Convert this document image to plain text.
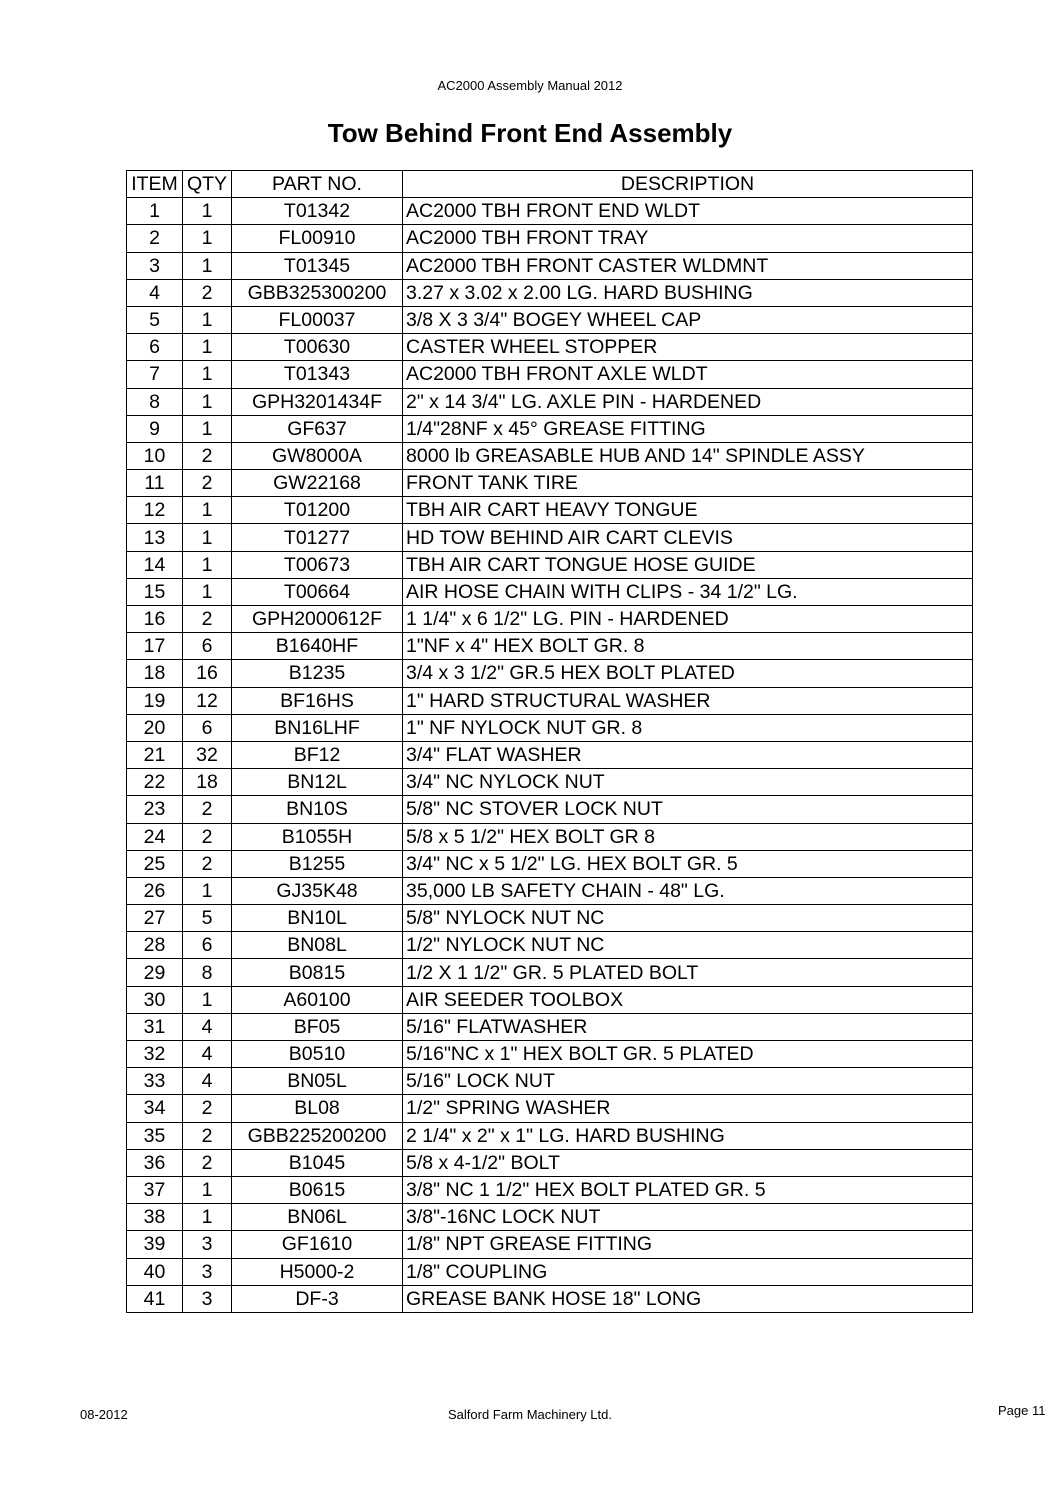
AC2000 Assembly Manual 2012
Tow Behind Front End Assembly
ITEM	QTY	PART NO.	DESCRIPTION
1	1	T01342	AC2000 TBH FRONT END WLDT
2	1	FL00910	AC2000 TBH FRONT TRAY
3	1	T01345	AC2000 TBH FRONT CASTER WLDMNT
4	2	GBB325300200	3.27 x 3.02 x 2.00 LG. HARD BUSHING
5	1	FL00037	3/8 X 3 3/4" BOGEY WHEEL CAP
6	1	T00630	CASTER WHEEL STOPPER
7	1	T01343	AC2000 TBH FRONT AXLE WLDT
8	1	GPH3201434F	2" x 14 3/4" LG. AXLE PIN - HARDENED
9	1	GF637	1/4"28NF x 45° GREASE FITTING
10	2	GW8000A	8000 lb GREASABLE HUB AND 14" SPINDLE ASSY
11	2	GW22168	FRONT TANK TIRE
12	1	T01200	TBH AIR CART HEAVY TONGUE
13	1	T01277	HD TOW BEHIND AIR CART CLEVIS
14	1	T00673	TBH AIR CART TONGUE HOSE GUIDE
15	1	T00664	AIR HOSE CHAIN WITH CLIPS - 34 1/2" LG.
16	2	GPH2000612F	1 1/4" x 6 1/2" LG. PIN - HARDENED
17	6	B1640HF	1"NF x 4" HEX BOLT GR. 8
18	16	B1235	3/4 x 3 1/2" GR.5 HEX BOLT PLATED
19	12	BF16HS	1" HARD STRUCTURAL WASHER
20	6	BN16LHF	1" NF NYLOCK NUT GR. 8
21	32	BF12	3/4" FLAT WASHER
22	18	BN12L	3/4" NC NYLOCK NUT
23	2	BN10S	5/8" NC STOVER LOCK NUT
24	2	B1055H	5/8 x 5 1/2" HEX BOLT GR 8
25	2	B1255	3/4" NC x 5 1/2" LG. HEX BOLT GR. 5
26	1	GJ35K48	35,000 LB SAFETY CHAIN - 48" LG.
27	5	BN10L	5/8" NYLOCK NUT NC
28	6	BN08L	1/2" NYLOCK NUT NC
29	8	B0815	1/2 X 1 1/2" GR. 5 PLATED BOLT
30	1	A60100	AIR SEEDER TOOLBOX
31	4	BF05	5/16" FLATWASHER
32	4	B0510	5/16"NC x 1" HEX BOLT GR. 5 PLATED
33	4	BN05L	5/16" LOCK NUT
34	2	BL08	1/2" SPRING WASHER
35	2	GBB225200200	2 1/4" x 2" x 1" LG. HARD BUSHING
36	2	B1045	5/8 x 4-1/2" BOLT
37	1	B0615	3/8" NC 1 1/2" HEX BOLT PLATED GR. 5
38	1	BN06L	3/8"-16NC LOCK NUT
39	3	GF1610	1/8" NPT GREASE FITTING
40	3	H5000-2	1/8" COUPLING
41	3	DF-3	GREASE BANK HOSE 18" LONG
08-2012	Salford Farm Machinery Ltd.	Page 11
